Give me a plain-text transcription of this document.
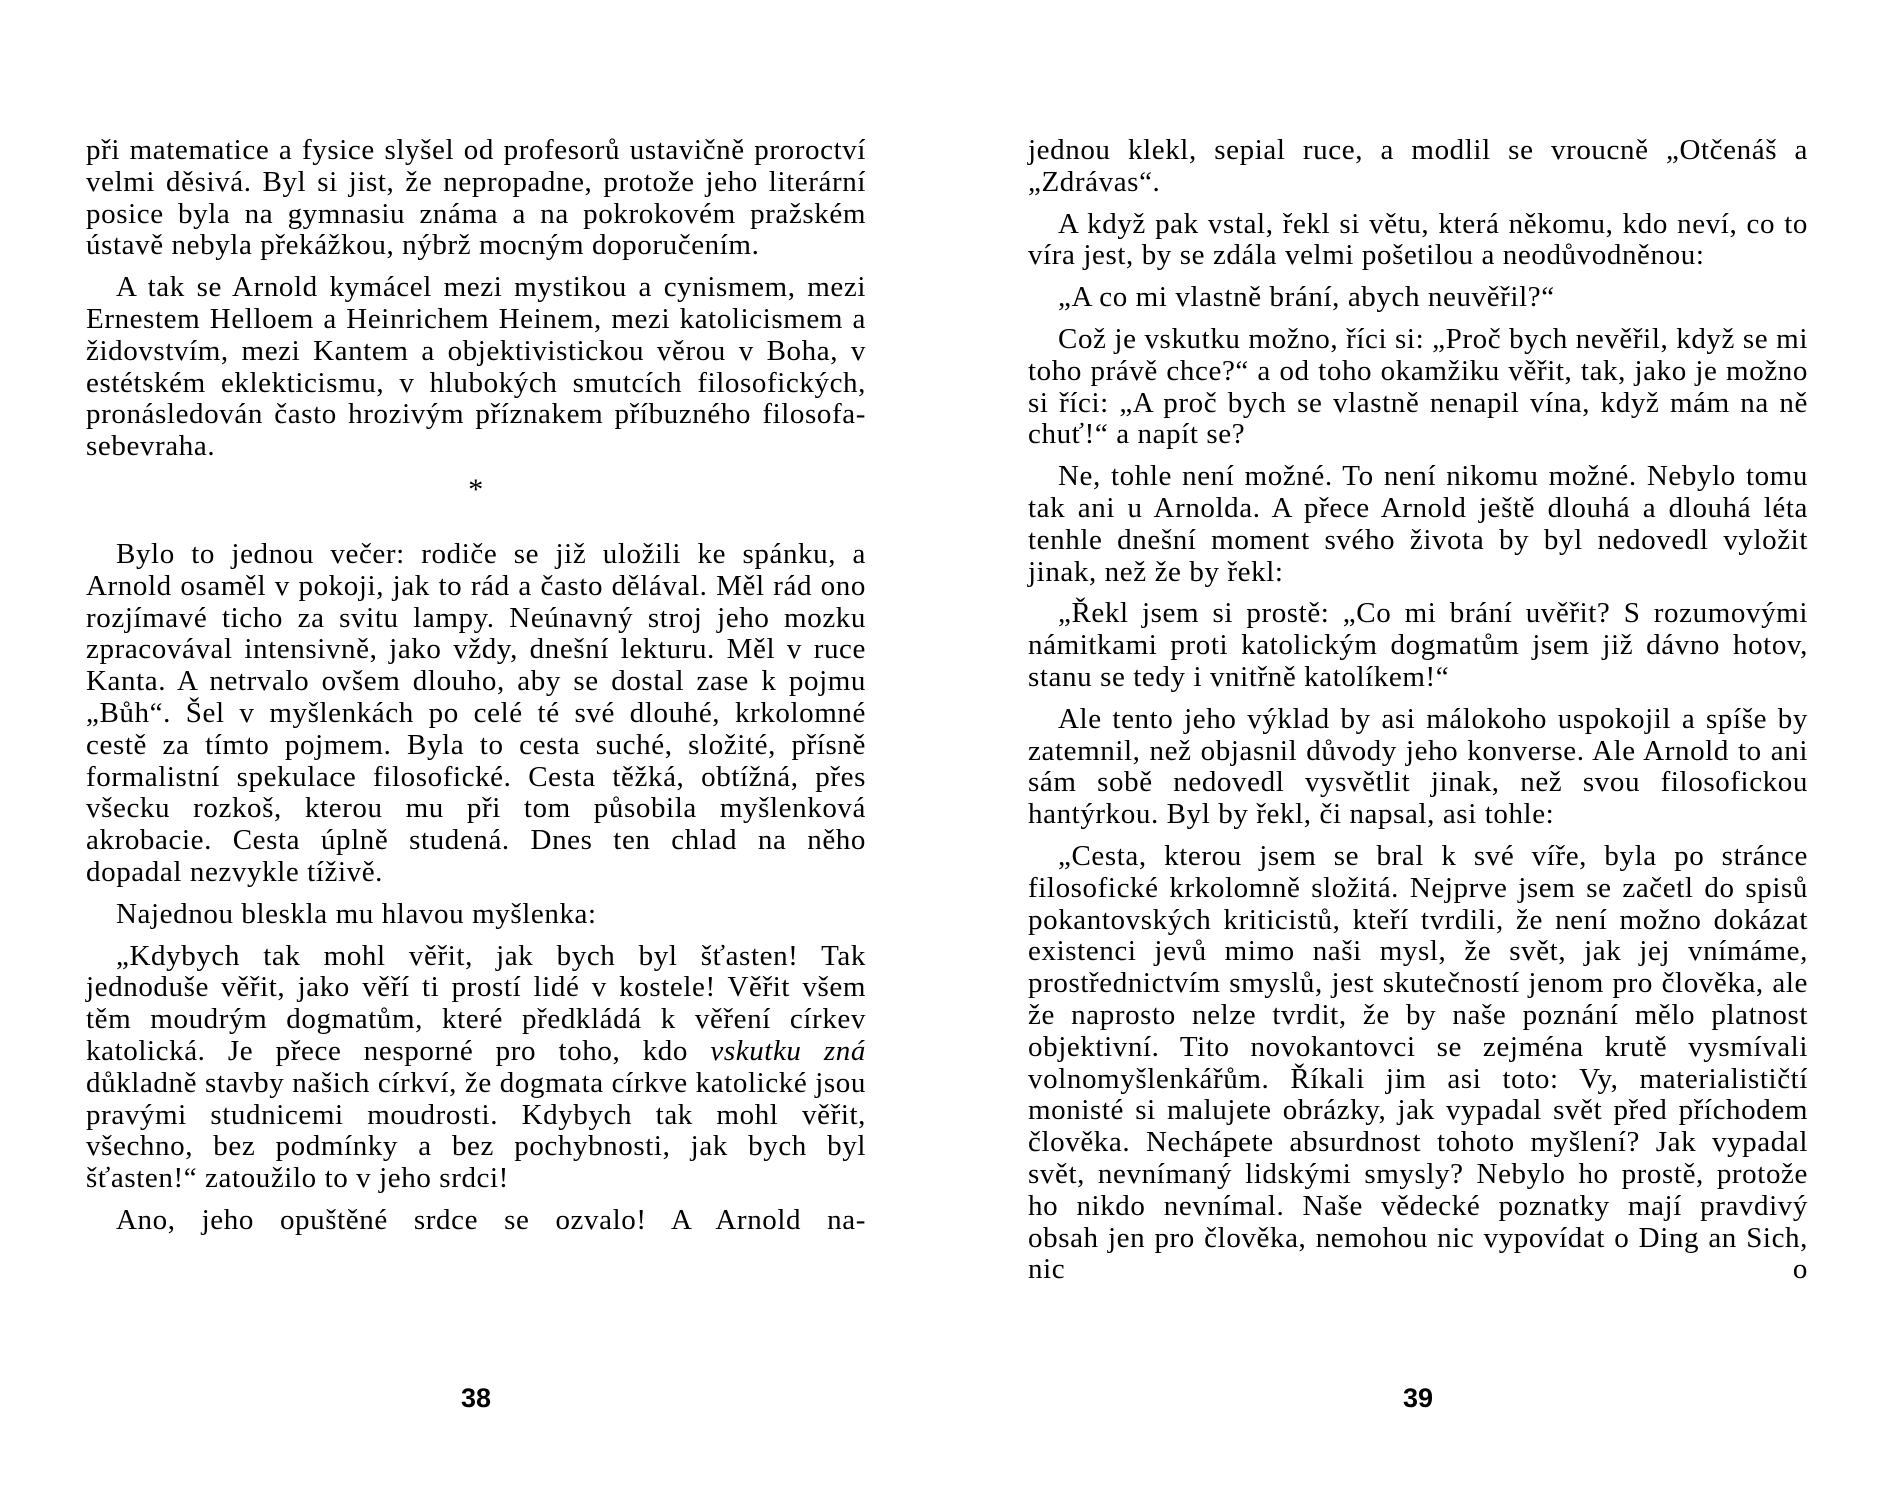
při matematice a fysice slyšel od profesorů ustavičně proroctví velmi děsivá. Byl si jist, že nepropadne, protože jeho literární posice byla na gymnasiu známa a na pokrokovém pražském ústavě nebyla překážkou, nýbrž mocným doporučením.

A tak se Arnold kymácel mezi mystikou a cynismem, mezi Ernestem Helloem a Heinrichem Heinem, mezi katolicismem a židovstvím, mezi Kantem a objektivistickou věrou v Boha, v estétském eklekticismu, v hlubokých smutcích filosofických, pronásledován často hrozivým příznakem příbuzného filosofa-sebevraha.

*

Bylo to jednou večer: rodiče se již uložili ke spánku, a Arnold osaměl v pokoji, jak to rád a často dělával. Měl rád ono rozjímavé ticho za svitu lampy. Neúnavný stroj jeho mozku zpracovával intensivně, jako vždy, dnešní lekturu. Měl v ruce Kanta. A netrvalo ovšem dlouho, aby se dostal zase k pojmu „Bůh“. Šel v myšlenkách po celé té své dlouhé, krkolomné cestě za tímto pojmem. Byla to cesta suché, složité, přísně formalistní spekulace filosofické. Cesta těžká, obtížná, přes všecku rozkoš, kterou mu při tom působila myšlenková akrobacie. Cesta úplně studená. Dnes ten chlad na něho dopadal nezvykle tíživě.

Najednou bleskla mu hlavou myšlenka:

„Kdybych tak mohl věřit, jak bych byl šťasten! Tak jednoduše věřit, jako věří ti prostí lidé v kostele! Věřit všem těm moudrým dogmatům, které předkládá k věření církev katolická. Je přece nesporné pro toho, kdo vskutku zná důkladně stavby našich církví, že dogmata církve katolické jsou pravými studnicemi moudrosti. Kdybych tak mohl věřit, všechno, bez podmínky a bez pochybnosti, jak bych byl šťasten!“ zatoužilo to v jeho srdci!

Ano, jeho opuštěné srdce se ozvalo! A Arnold na-

38

jednou klekl, sepial ruce, a modlil se vroucně „Otčenáš a „Zdrávas“.

A když pak vstal, řekl si větu, která někomu, kdo neví, co to víra jest, by se zdála velmi pošetilou a neodůvodněnou:

„A co mi vlastně brání, abych neuvěřil?“

Což je vskutku možno, říci si: „Proč bych nevěřil, když se mi toho právě chce?“ a od toho okamžiku věřit, tak, jako je možno si říci: „A proč bych se vlastně nenapil vína, když mám na ně chuť!“ a napít se?

Ne, tohle není možné. To není nikomu možné. Nebylo tomu tak ani u Arnolda. A přece Arnold ještě dlouhá a dlouhá léta tenhle dnešní moment svého života by byl nedovedl vyložit jinak, než že by řekl:

„Řekl jsem si prostě: „Co mi brání uvěřit? S rozumovými námitkami proti katolickým dogmatům jsem již dávno hotov, stanu se tedy i vnitřně katolíkem!“

Ale tento jeho výklad by asi málokoho uspokojil a spíše by zatemnil, než objasnil důvody jeho konverse. Ale Arnold to ani sám sobě nedovedl vysvětlit jinak, než svou filosofickou hantýrkou. Byl by řekl, či napsal, asi tohle:

„Cesta, kterou jsem se bral k své víře, byla po stránce filosofické krkolomně složitá. Nejprve jsem se začetl do spisů pokantovských kriticistů, kteří tvrdili, že není možno dokázat existenci jevů mimo naši mysl, že svět, jak jej vnímáme, prostřednictvím smyslů, jest skutečností jenom pro člověka, ale že naprosto nelze tvrdit, že by naše poznání mělo platnost objektivní. Tito novokantovci se zejména krutě vysmívali volnomyšlenkářům. Říkali jim asi toto: Vy, materialističtí monisté si malujete obrázky, jak vypadal svět před příchodem člověka. Nechápete absurdnost tohoto myšlení? Jak vypadal svět, nevnímaný lidskými smysly? Nebylo ho prostě, protože ho nikdo nevnímal. Naše vědecké poznatky mají pravdivý obsah jen pro člověka, nemohou nic vypovídat o Ding an Sich, nic o

39
